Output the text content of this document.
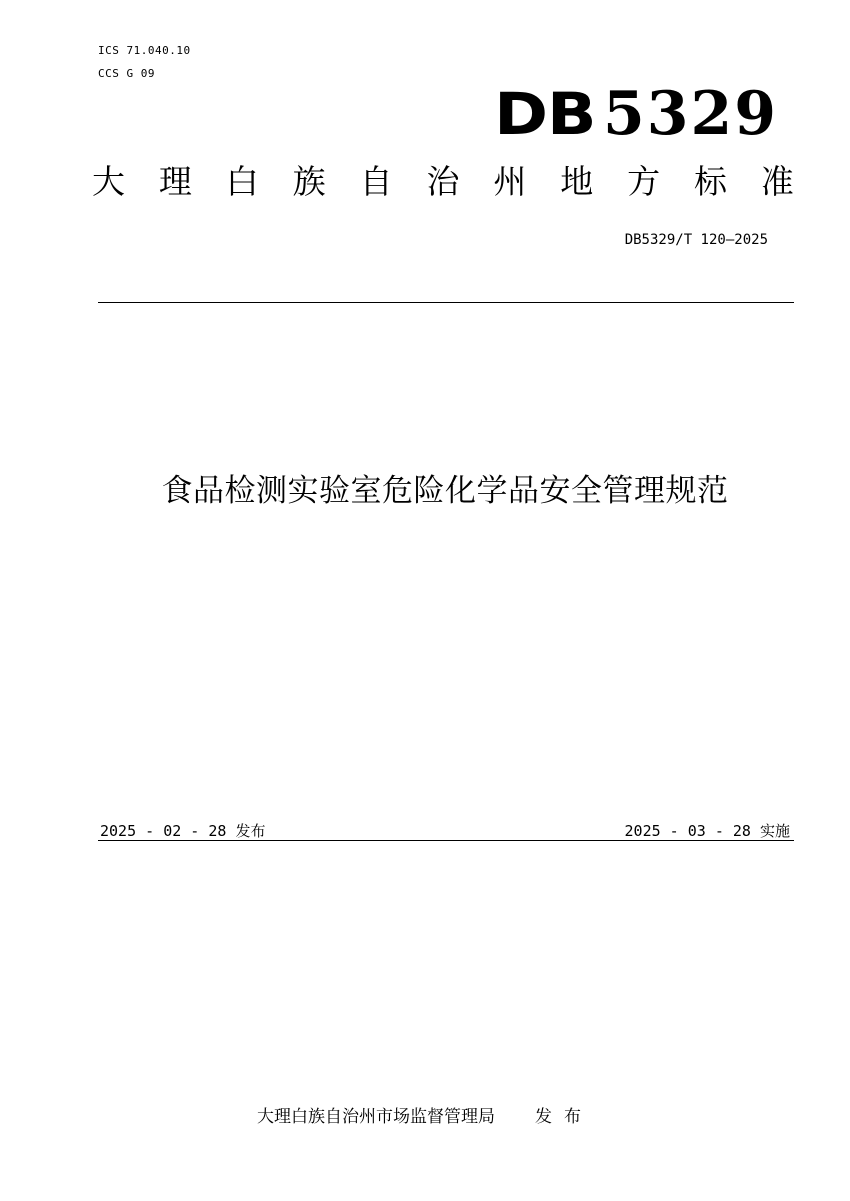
ICS 71.040.10
CCS G 09
DB 5329
大 理 白 族 自 治 州 地 方 标 准
DB5329/T 120—2025
食品检测实验室危险化学品安全管理规范
2025 - 02 - 28 发布	2025 - 03 - 28 实施
大理白族自治州市场监督管理局 发布
